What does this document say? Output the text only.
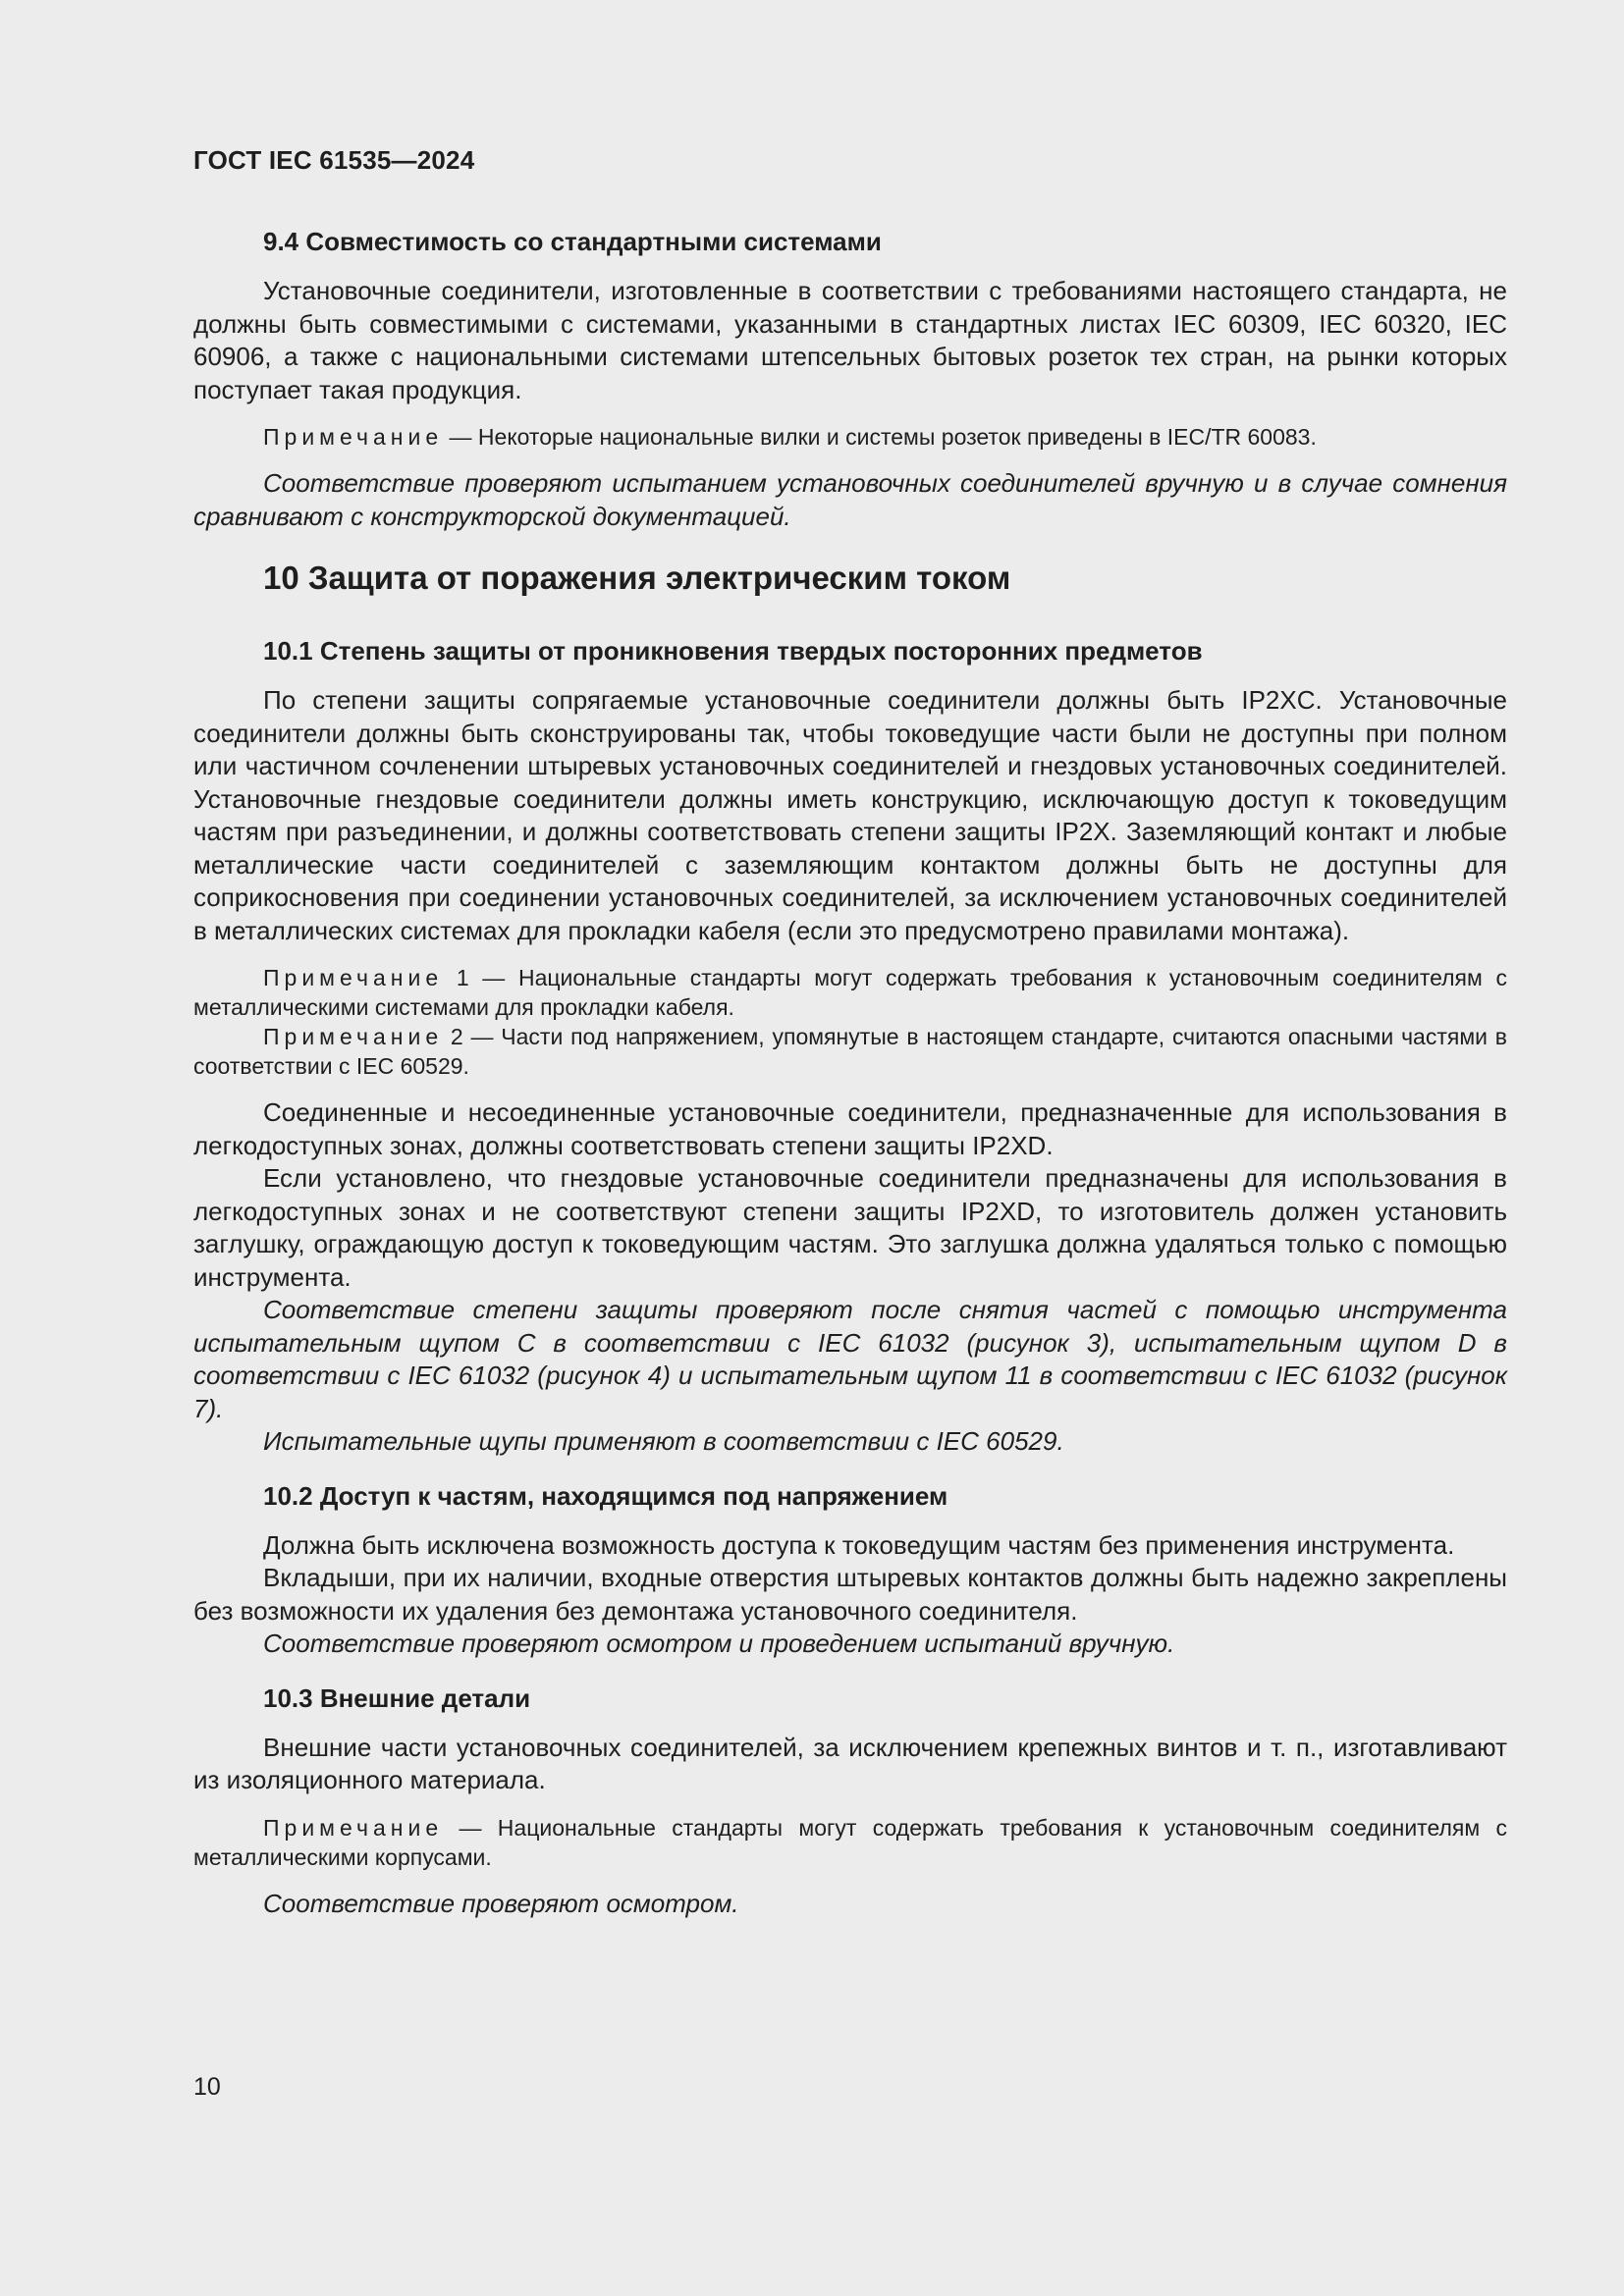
ГОСТ IEC 61535—2024

9.4 Совместимость со стандартными системами

Установочные соединители, изготовленные в соответствии с требованиями настоящего стандарта, не должны быть совместимыми с системами, указанными в стандартных листах IEC 60309, IEC 60320, IEC 60906, а также с национальными системами штепсельных бытовых розеток тех стран, на рынки которых поступает такая продукция.

Примечание — Некоторые национальные вилки и системы розеток приведены в IEC/TR 60083.

Соответствие проверяют испытанием установочных соединителей вручную и в случае сомнения сравнивают с конструкторской документацией.

10 Защита от поражения электрическим током

10.1 Степень защиты от проникновения твердых посторонних предметов

По степени защиты сопрягаемые установочные соединители должны быть IP2XC. Установочные соединители должны быть сконструированы так, чтобы токоведущие части были не доступны при полном или частичном сочленении штыревых установочных соединителей и гнездовых установочных соединителей. Установочные гнездовые соединители должны иметь конструкцию, исключающую доступ к токоведущим частям при разъединении, и должны соответствовать степени защиты IP2X. Заземляющий контакт и любые металлические части соединителей с заземляющим контактом должны быть не доступны для соприкосновения при соединении установочных соединителей, за исключением установочных соединителей в металлических системах для прокладки кабеля (если это предусмотрено правилами монтажа).

Примечание 1 — Национальные стандарты могут содержать требования к установочным соединителям с металлическими системами для прокладки кабеля.

Примечание 2 — Части под напряжением, упомянутые в настоящем стандарте, считаются опасными частями в соответствии с IEC 60529.

Соединенные и несоединенные установочные соединители, предназначенные для использования в легкодоступных зонах, должны соответствовать степени защиты IP2XD.

Если установлено, что гнездовые установочные соединители предназначены для использования в легкодоступных зонах и не соответствуют степени защиты IP2XD, то изготовитель должен установить заглушку, ограждающую доступ к токоведующим частям. Это заглушка должна удаляться только с помощью инструмента.

Соответствие степени защиты проверяют после снятия частей с помощью инструмента испытательным щупом C в соответствии с IEC 61032 (рисунок 3), испытательным щупом D в соответствии с IEC 61032 (рисунок 4) и испытательным щупом 11 в соответствии с IEC 61032 (рисунок 7).

Испытательные щупы применяют в соответствии с IEC 60529.

10.2 Доступ к частям, находящимся под напряжением

Должна быть исключена возможность доступа к токоведущим частям без применения инструмента.

Вкладыши, при их наличии, входные отверстия штыревых контактов должны быть надежно закреплены без возможности их удаления без демонтажа установочного соединителя.

Соответствие проверяют осмотром и проведением испытаний вручную.

10.3 Внешние детали

Внешние части установочных соединителей, за исключением крепежных винтов и т. п., изготавливают из изоляционного материала.

Примечание — Национальные стандарты могут содержать требования к установочным соединителям с металлическими корпусами.

Соответствие проверяют осмотром.

10
